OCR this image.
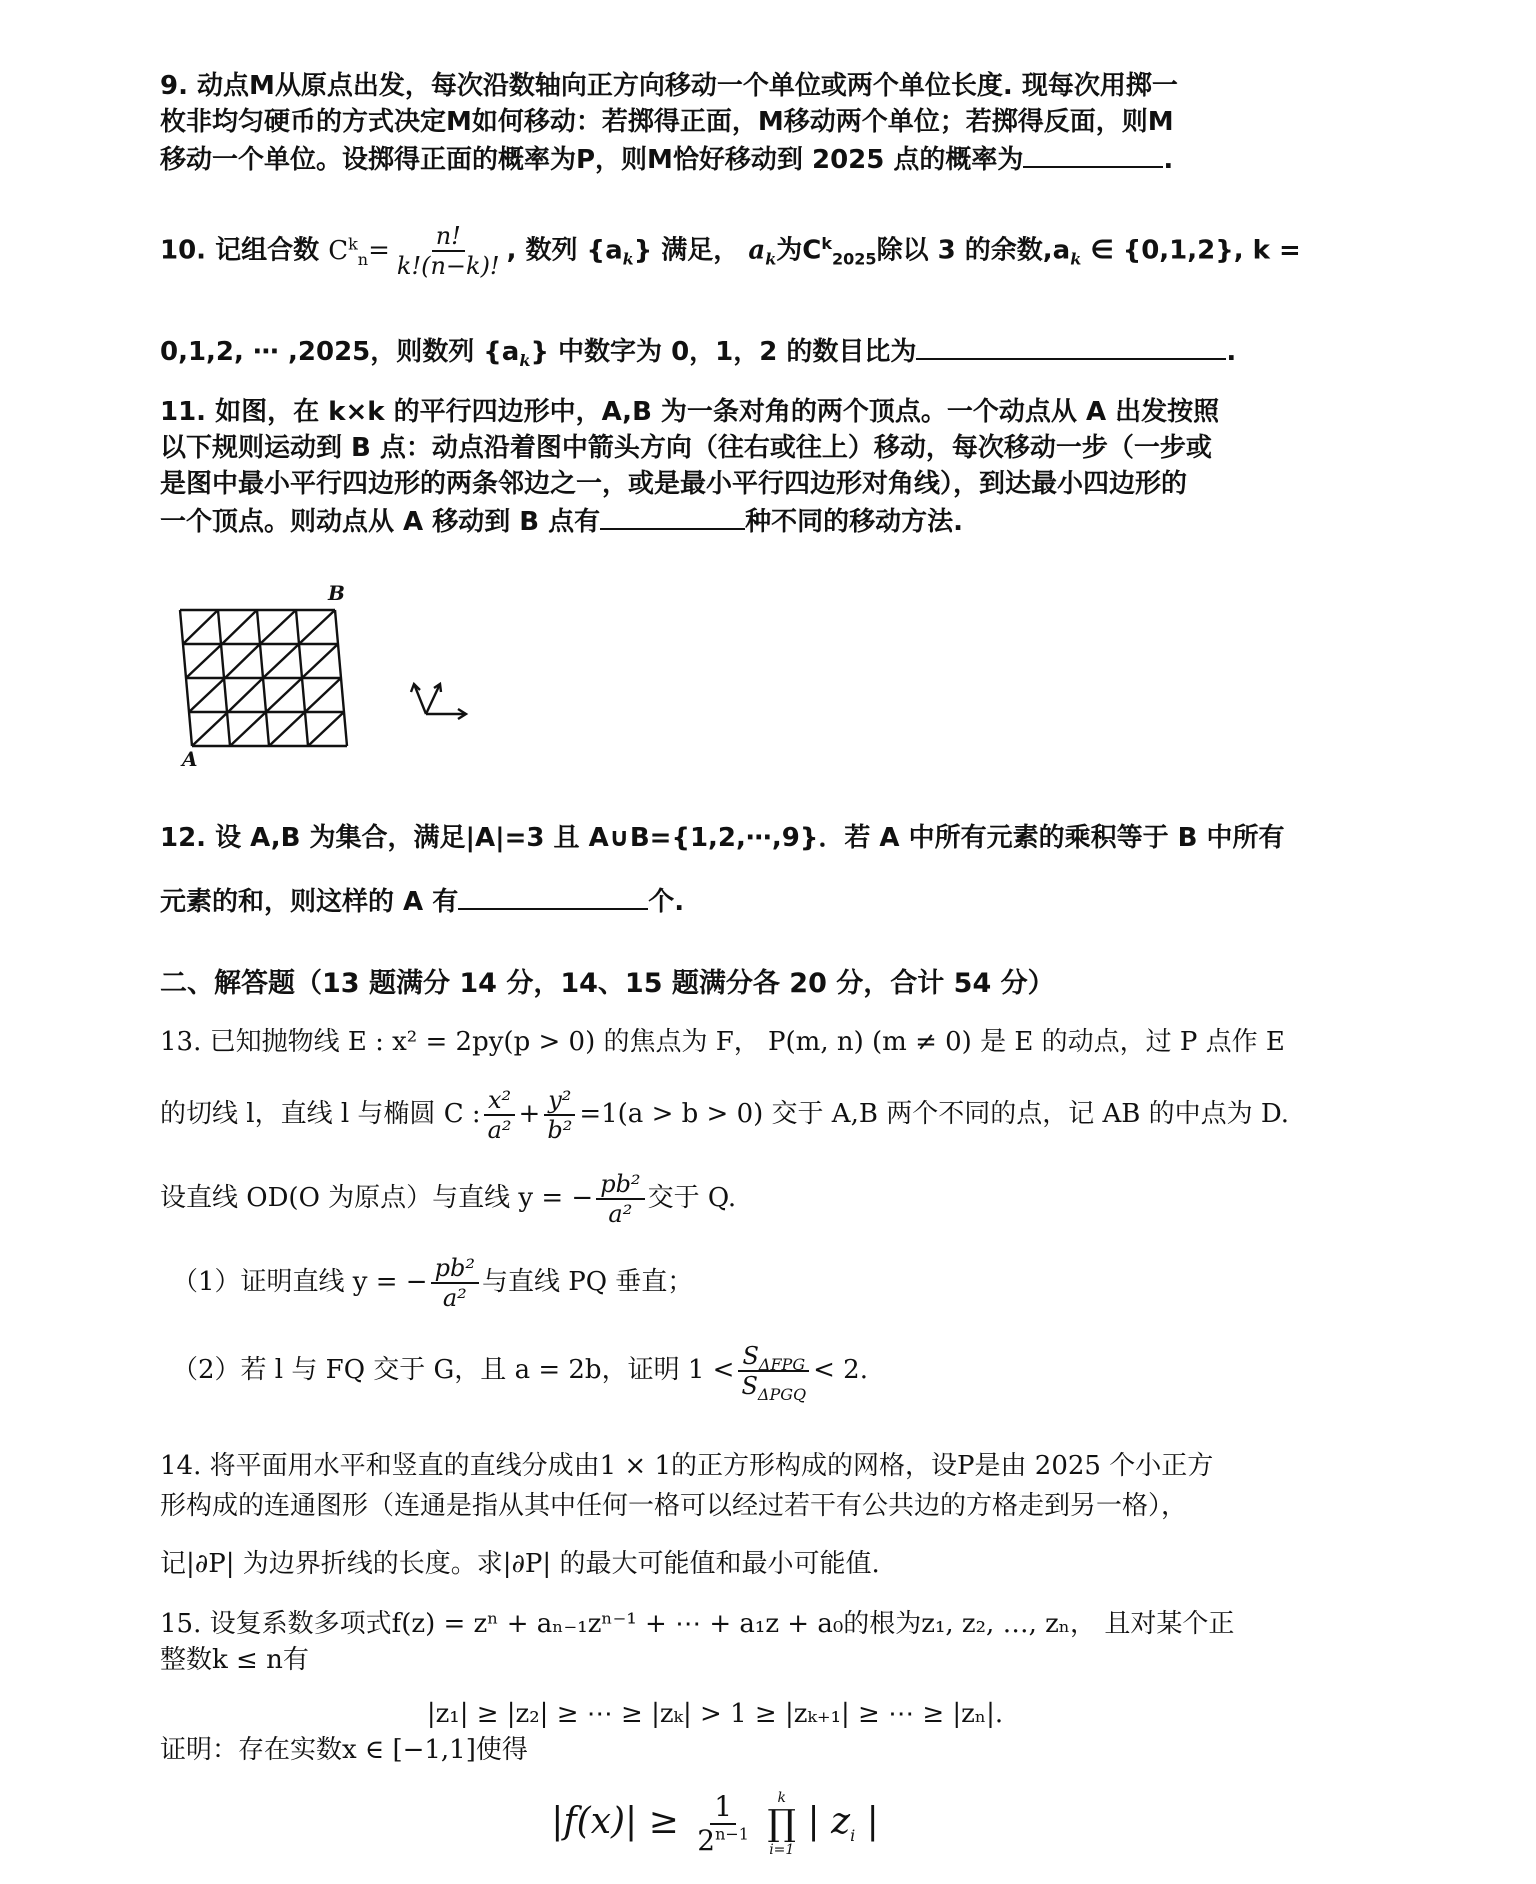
9. 动点M从原点出发，每次沿数轴向正方向移动一个单位或两个单位长度. 现每次用掷一
枚非均匀硬币的方式决定M如何移动：若掷得正面，M移动两个单位；若掷得反面，则M
移动一个单位。设掷得正面的概率为P，则M恰好移动到 2025 点的概率为	.
10. 记组合数 $C^k_n= \frac{n!}{k!(n-k)!}$ , 数列 $\{a_k\}$ 满足， $a_k$为$C^k_{2025}$除以 3 的余数$,a_k$ ∈ {0,1,2}, k =
0,1,2, ⋯ ,2025，则数列 $\{a_k\}$ 中数字为 0，1，2 的数目比为	.
11. 如图，在 k×k 的平行四边形中，A,B 为一条对角的两个顶点。一个动点从 A 出发按照
以下规则运动到 B 点：动点沿着图中箭头方向（往右或往上）移动，每次移动一步（一步或
是图中最小平行四边形的两条邻边之一，或是最小平行四边形对角线），到达最小四边形的
一个顶点。则动点从 A 移动到 B 点有	种不同的移动方法.
B
A
12. 设 A,B 为集合，满足|A|=3 且 A∪B={1,2,⋯,9}．若 A 中所有元素的乘积等于 B 中所有
元素的和，则这样的 A 有	个.
二、解答题（13 题满分 14 分，14、15 题满分各 20 分，合计 54 分）
13. 已知抛物线 E : x² = 2py(p > 0) 的焦点为 F， P(m, n) (m ≠ 0) 是 E 的动点，过 P 点作 E
的切线 l，直线 l 与椭圆 C : $\frac{\text{x²}}{\text{a²}} + \frac{\text{y²}}{\text{b²}} =1(a > b > 0)$ 交于 A,B 两个不同的点，记 AB 的中点为 D.
设直线 OD(O 为原点）与直线 y = − $\frac{\text{pb²}}{\text{a²}}$ 交于 Q.
（1）证明直线 y = − $\frac{\text{pb²}}{\text{a²}}$ 与直线 PQ 垂直；
（2）若 l 与 FQ 交于 G，且 a = 2b，证明 $1 < \frac{S_{\Delta FPG}}{S_{\Delta PGQ}} < 2$.
14. 将平面用水平和竖直的直线分成由1 × 1的正方形构成的网格，设P是由 2025 个小正方
形构成的连通图形（连通是指从其中任何一格可以经过若干有公共边的方格走到另一格），
记|∂P| 为边界折线的长度。求|∂P| 的最大可能值和最小可能值.
15. 设复系数多项式f(z) = zⁿ + aₙ₋₁zⁿ⁻¹ + ⋯ + a₁z + a₀的根为z₁, z₂, …, zₙ， 且对某个正
整数k ≤ n有
|z₁| ≥ |z₂| ≥ ⋯ ≥ |zₖ| > 1 ≥ |zₖ₊₁| ≥ ⋯ ≥ |zₙ|.
证明：存在实数x ∈ [−1,1]使得
$|f(x)| \ge \frac{1}{2^{n-1}}$
k
∏
i=1
| $z_i$ |
